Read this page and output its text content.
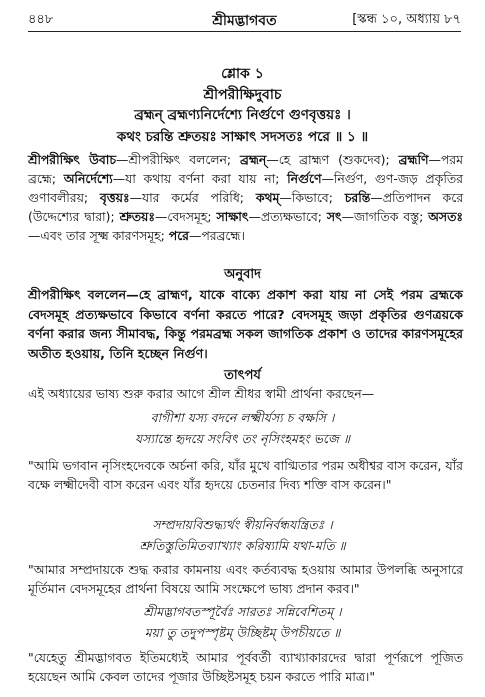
৪৪৮	শ্রীমদ্ভাগবত	[স্কন্ধ ১০, অধ্যায় ৮৭
শ্লোক ১
শ্রীপরীক্ষিদুবাচ
ব্রহ্মন্ ব্রহ্মণ্যনির্দেশ্যে নির্গুণে গুণবৃত্তয়ঃ ।
কথং চরন্তি শ্রুতয়ঃ সাক্ষাৎ সদসতঃ পরে ॥ ১ ॥
শ্রীপরীক্ষিৎ উবাচ—শ্রীপরীক্ষিৎ বললেন; ব্রহ্মন্—হে ব্রাহ্মণ (শুকদেব); ব্রহ্মণি—পরম ব্রহ্মে; অনির্দেশ্যে—যা কথায় বর্ণনা করা যায় না; নির্গুণে—নির্গুণ, গুণ-জড় প্রকৃতির গুণাবলীরয়; বৃত্তয়ঃ—যার কর্মের পরিধি; কথম্—কিভাবে; চরন্তি—প্রতিপাদন করে (উদ্দেশ্যের দ্বারা); শ্রুতয়ঃ—বেদসমূহ; সাক্ষাৎ—প্রত্যক্ষভাবে; সৎ—জাগতিক বস্তু; অসতঃ—এবং তার সূক্ষ্ম কারণসমূহ; পরে—পরব্রহ্মে।
অনুবাদ
শ্রীপরীক্ষিৎ বললেন—হে ব্রাহ্মণ, যাকে বাক্যে প্রকাশ করা যায় না সেই পরম ব্রহ্মকে বেদসমূহ প্রত্যক্ষভাবে কিভাবে বর্ণনা করতে পারে? বেদসমূহ জড়া প্রকৃতির গুণত্রয়কে বর্ণনা করার জন্য সীমাবদ্ধ, কিন্তু পরমব্রহ্ম সকল জাগতিক প্রকাশ ও তাদের কারণসমূহের অতীত হওয়ায়, তিনি হচ্ছেন নির্গুণ।
তাৎপর্য
এই অধ্যায়ের ভাষ্য শুরু করার আগে শ্রীল শ্রীধর স্বামী প্রার্থনা করছেন—
বাগীশা যস্য বদনে লক্ষ্মীর্যস্য চ বক্ষসি ।
যস্যান্তে হৃদয়ে সংবিৎ তং নৃসিংহমহং ভজে ॥
"আমি ভগবান নৃসিংহদেবকে অর্চনা করি, যাঁর মুখে বাগ্মিতার পরম অধীশ্বর বাস করেন, যাঁর বক্ষে লক্ষ্মীদেবী বাস করেন এবং যাঁর হৃদয়ে চেতনার দিব্য শক্তি বাস করেন।"
সম্প্রদায়বিশুদ্ধ্যর্থং স্বীয়নির্বন্ধযন্ত্রিতঃ ।
শ্রুতিস্তুতিমিতব্যাখ্যাং করিষ্যামি যথা-মতি ॥
"আমার সম্প্রদায়কে শুদ্ধ করার কামনায় এবং কর্তব্যবদ্ধ হওয়ায় আমার উপলব্ধি অনুসারে মূর্তিমান বেদসমূহের প্রার্থনা বিষয়ে আমি সংক্ষেপে ভাষ্য প্রদান করব।"
শ্রীমদ্ভাগবতস্পূর্বৈঃ সারতঃ সন্নিবেশিতম্ ।
ময়া তু তদুপস্পৃষ্টম্ উচ্ছিষ্টম্ উপচীয়তে ॥
"যেহেতু শ্রীমদ্ভাগবত ইতিমধ্যেই আমার পূর্ববর্তী ব্যাখ্যাকারদের দ্বারা পূর্ণরূপে পূজিত হয়েছেন আমি কেবল তাদের পূজার উচ্ছিষ্টসমূহ চয়ন করতে পারি মাত্র।"
